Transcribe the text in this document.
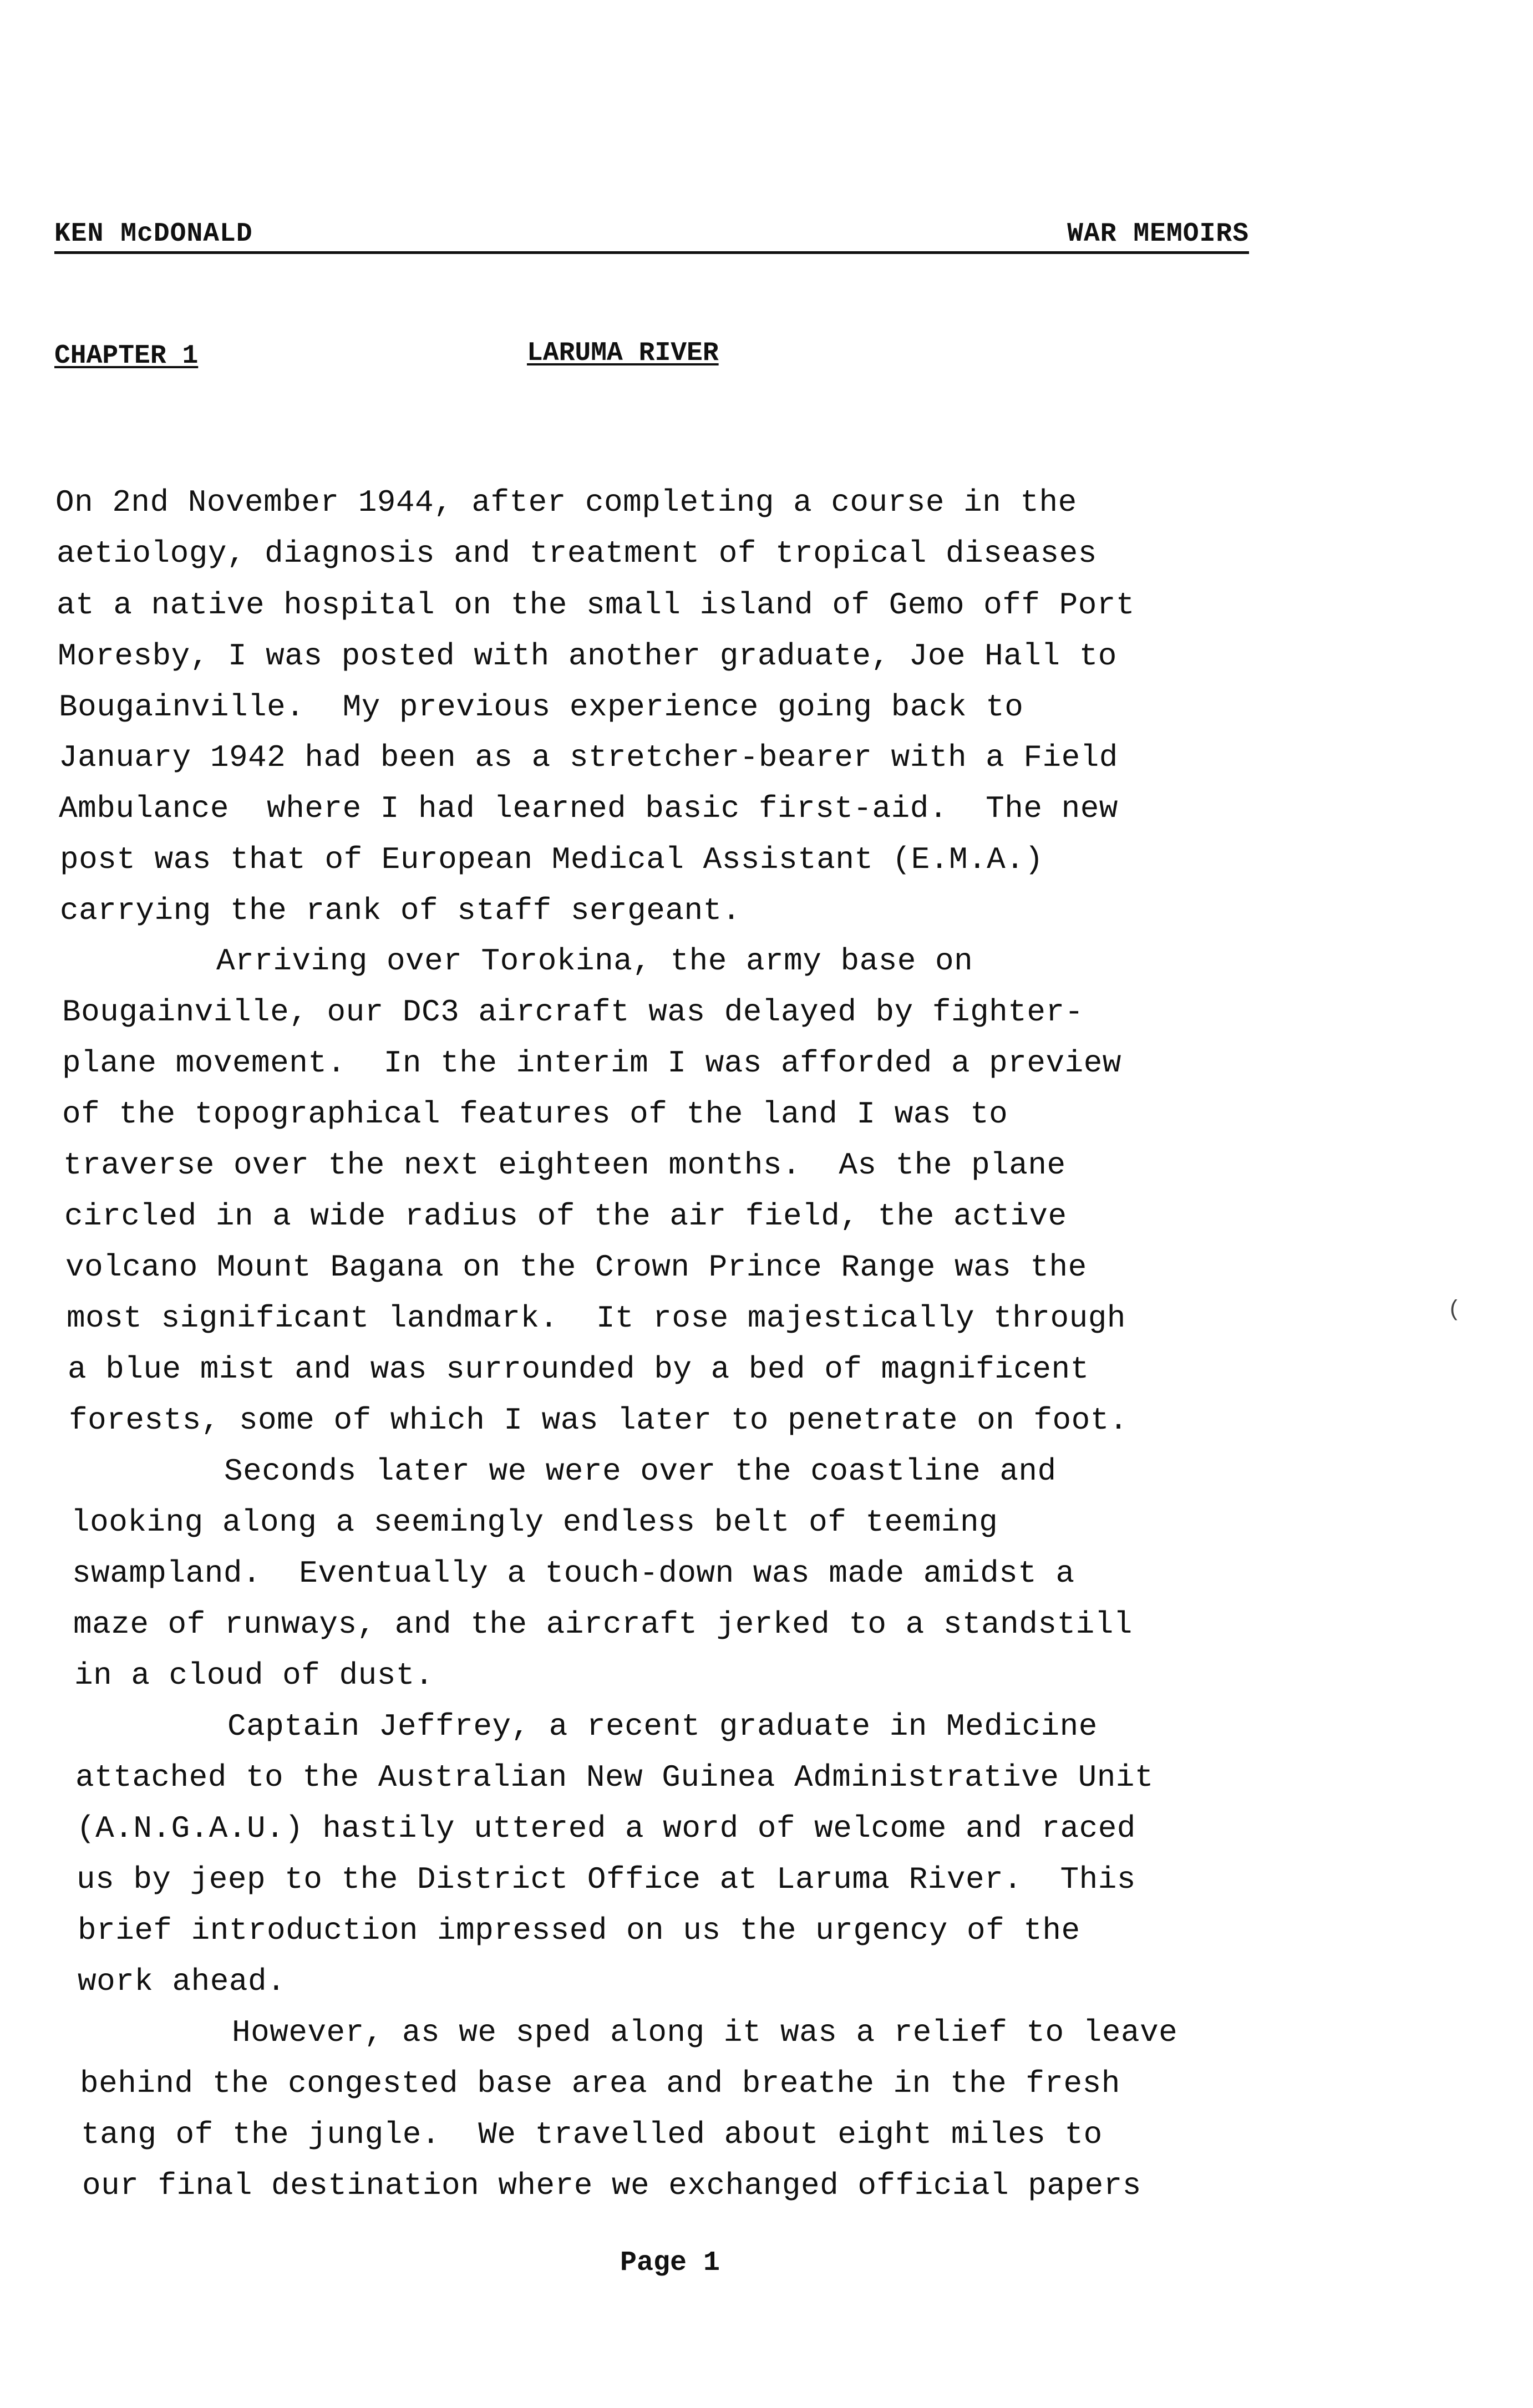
KEN McDONALD	WAR MEMOIRS
CHAPTER 1	LARUMA RIVER
On 2nd November 1944, after completing a course in the
aetiology, diagnosis and treatment of tropical diseases
at a native hospital on the small island of Gemo off Port
Moresby, I was posted with another graduate, Joe Hall to
Bougainville.  My previous experience going back to
January 1942 had been as a stretcher-bearer with a Field
Ambulance  where I had learned basic first-aid.  The new
post was that of European Medical Assistant (E.M.A.)
carrying the rank of staff sergeant.
Arriving over Torokina, the army base on
Bougainville, our DC3 aircraft was delayed by fighter-
plane movement.  In the interim I was afforded a preview
of the topographical features of the land I was to
traverse over the next eighteen months.  As the plane
circled in a wide radius of the air field, the active
volcano Mount Bagana on the Crown Prince Range was the
most significant landmark.  It rose majestically through
a blue mist and was surrounded by a bed of magnificent
forests, some of which I was later to penetrate on foot.
Seconds later we were over the coastline and
looking along a seemingly endless belt of teeming
swampland.  Eventually a touch-down was made amidst a
maze of runways, and the aircraft jerked to a standstill
in a cloud of dust.
Captain Jeffrey, a recent graduate in Medicine
attached to the Australian New Guinea Administrative Unit
(A.N.G.A.U.) hastily uttered a word of welcome and raced
us by jeep to the District Office at Laruma River.  This
brief introduction impressed on us the urgency of the
work ahead.
However, as we sped along it was a relief to leave
behind the congested base area and breathe in the fresh
tang of the jungle.  We travelled about eight miles to
our final destination where we exchanged official papers
(
Page 1
